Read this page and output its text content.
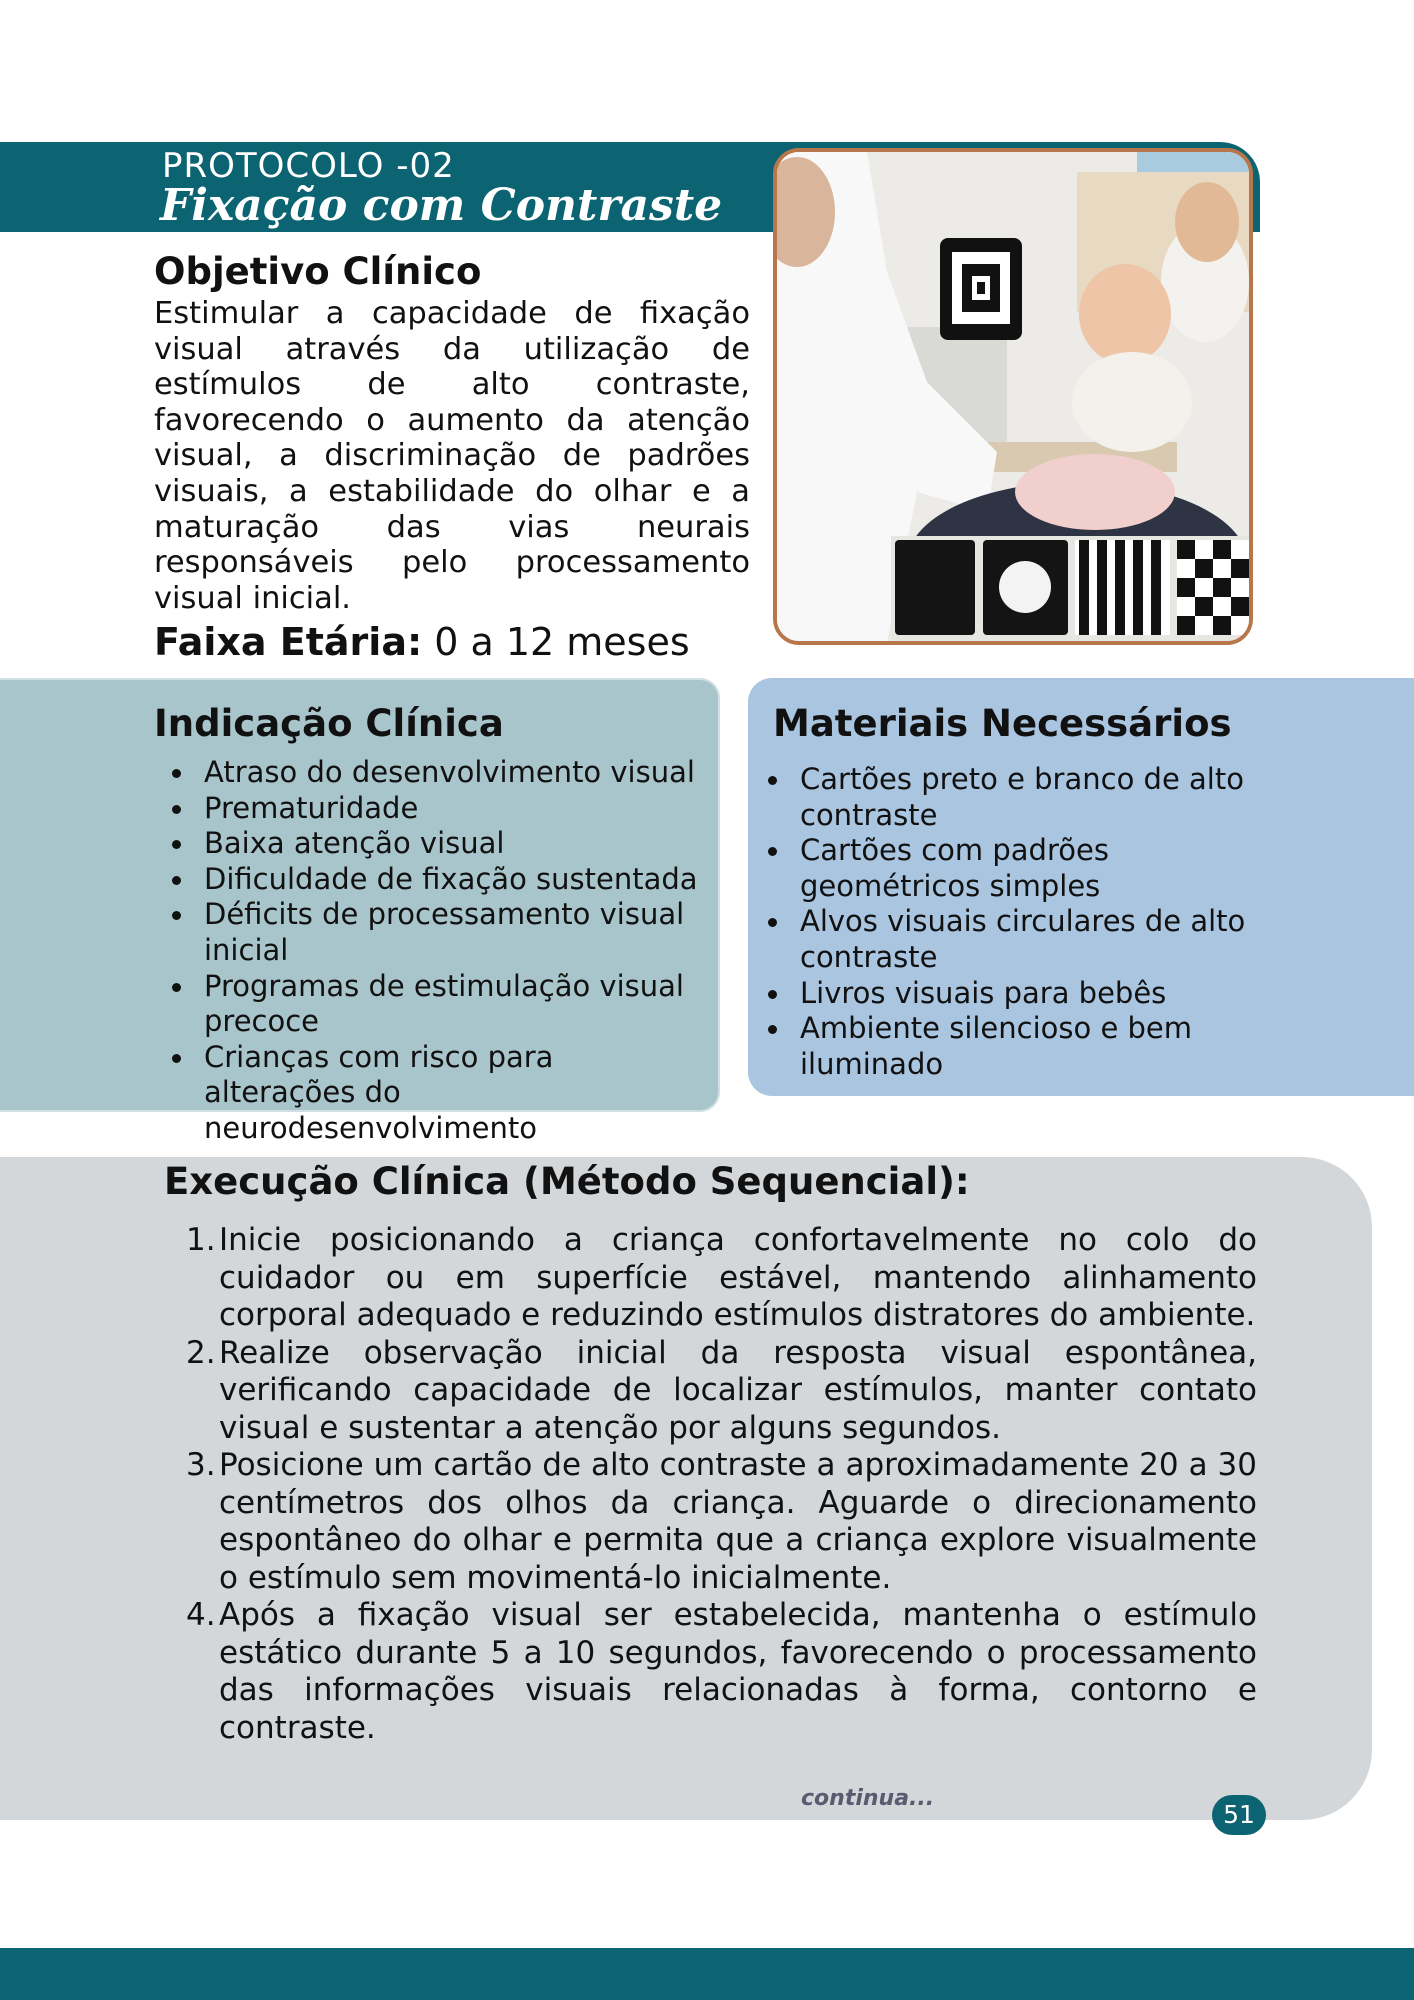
PROTOCOLO -02
Fixação com Contraste
Objetivo Clínico
Estimular a capacidade de fixação visual através da utilização de estímulos de alto contraste, favorecendo o aumento da atenção visual, a discriminação de padrões visuais, a estabilidade do olhar e a maturação das vias neurais responsáveis pelo processamento visual inicial.
Faixa Etária: 0 a 12 meses
Indicação Clínica
Atraso do desenvolvimento visual
Prematuridade
Baixa atenção visual
Dificuldade de fixação sustentada
Déficits de processamento visual inicial
Programas de estimulação visual precoce
Crianças com risco para alterações do neurodesenvolvimento
Materiais Necessários
Cartões preto e branco de alto contraste
Cartões com padrões geométricos simples
Alvos visuais circulares de alto contraste
Livros visuais para bebês
Ambiente silencioso e bem iluminado
Execução Clínica (Método Sequencial):
1. Inicie posicionando a criança confortavelmente no colo do cuidador ou em superfície estável, mantendo alinhamento corporal adequado e reduzindo estímulos distratores do ambiente.
2. Realize observação inicial da resposta visual espontânea, verificando capacidade de localizar estímulos, manter contato visual e sustentar a atenção por alguns segundos.
3. Posicione um cartão de alto contraste a aproximadamente 20 a 30 centímetros dos olhos da criança. Aguarde o direcionamento espontâneo do olhar e permita que a criança explore visualmente o estímulo sem movimentá-lo inicialmente.
4. Após a fixação visual ser estabelecida, mantenha o estímulo estático durante 5 a 10 segundos, favorecendo o processamento das informações visuais relacionadas à forma, contorno e contraste.
continua...
51
